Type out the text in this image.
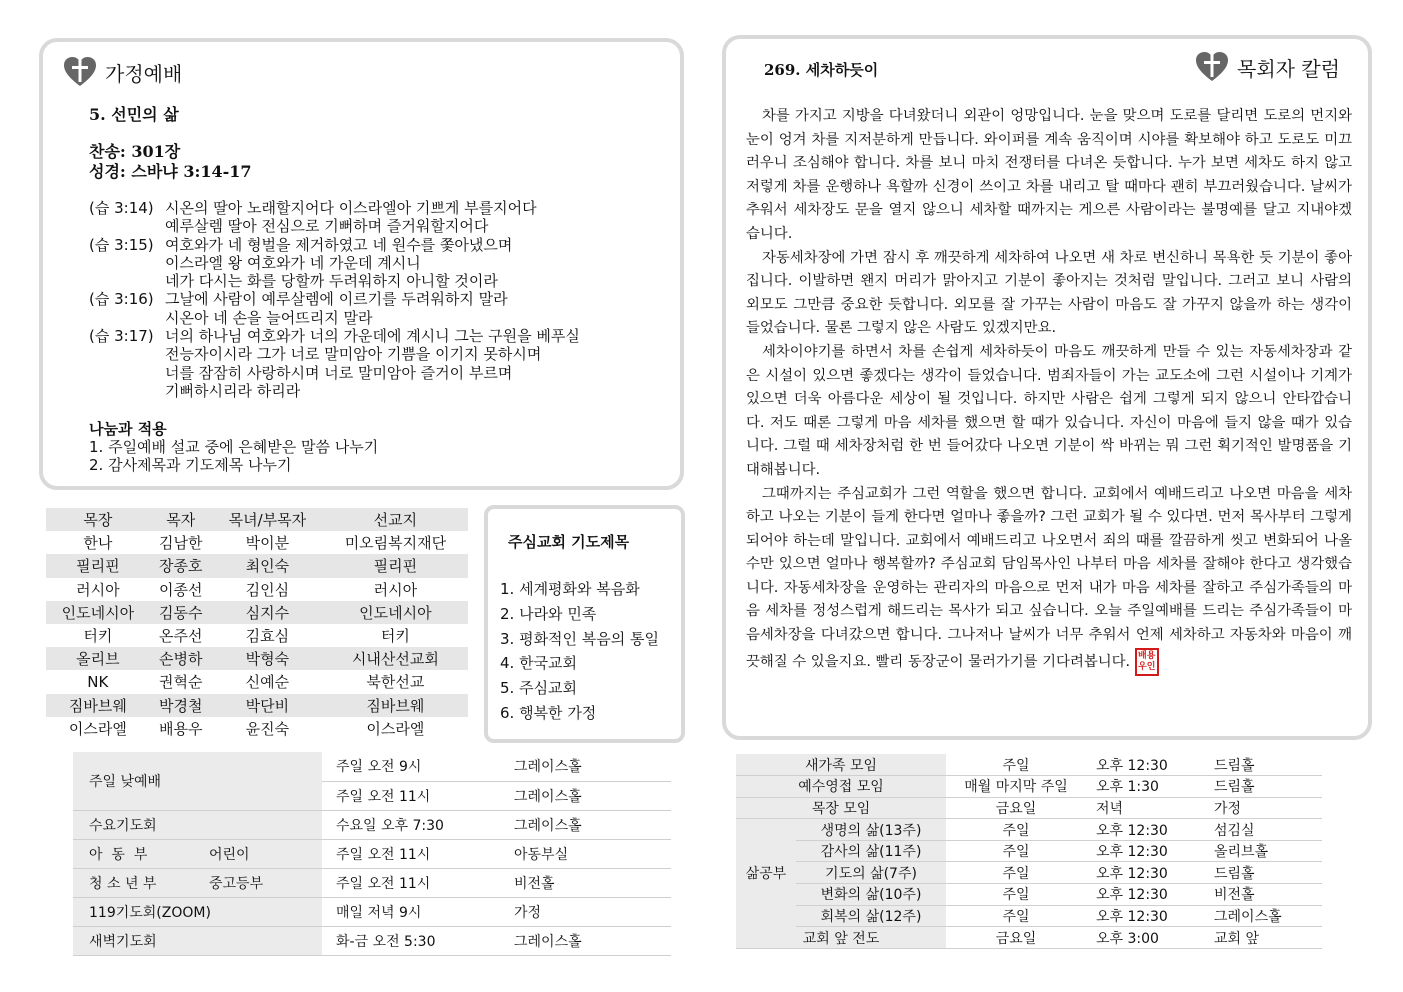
가정예배
5. 선민의 삶
찬송: 301장
성경: 스바냐 3:14-17
(습 3:14) 시온의 딸아 노래할지어다 이스라엘아 기쁘게 부를지어다
예루살렘 딸아 전심으로 기뻐하며 즐거워할지어다
(습 3:15) 여호와가 네 형벌을 제거하였고 네 원수를 쫓아냈으며
이스라엘 왕 여호와가 네 가운데 계시니
네가 다시는 화를 당할까 두려워하지 아니할 것이라
(습 3:16) 그날에 사람이 예루살렘에 이르기를 두려워하지 말라
시온아 네 손을 늘어뜨리지 말라
(습 3:17) 너의 하나님 여호와가 너의 가운데에 계시니 그는 구원을 베푸실
전능자이시라 그가 너로 말미암아 기쁨을 이기지 못하시며
너를 잠잠히 사랑하시며 너로 말미암아 즐거이 부르며
기뻐하시리라 하리라
나눔과 적용
1. 주일예배 설교 중에 은혜받은 말씀 나누기
2. 감사제목과 기도제목 나누기
목장	목자	목녀/부목자	선교지
한나	김남한	박이분	미오림복지재단
필리핀	장종호	최인숙	필리핀
러시아	이종선	김인심	러시아
인도네시아	김동수	심지수	인도네시아
터키	온주선	김효심	터키
올리브	손병하	박형숙	시내산선교회
NK	권혁순	신예순	북한선교
짐바브웨	박경철	박단비	짐바브웨
이스라엘	배용우	윤진숙	이스라엘
주심교회 기도제목
1. 세계평화와 복음화
2. 나라와 민족
3. 평화적인 복음의 통일
4. 한국교회
5. 주심교회
6. 행복한 가정
주일 낮예배	주일 오전 9시	그레이스홀
	주일 오전 11시	그레이스홀
수요기도회	수요일 오후 7:30	그레이스홀
아  동  부 어린이	주일 오전 11시	아동부실
청 소 년 부 중고등부	주일 오전 11시	비전홀
119기도회(ZOOM)	매일 저녁 9시	가정
새벽기도회	화-금 오전 5:30	그레이스홀
269. 세차하듯이	목회자 칼럼

차를 가지고 지방을 다녀왔더니 외관이 엉망입니다. 눈을 맞으며 도로를 달리면 도로의 먼지와 눈이 엉겨 차를 지저분하게 만듭니다. 와이퍼를 계속 움직이며 시야를 확보해야 하고 도로도 미끄러우니 조심해야 합니다. 차를 보니 마치 전쟁터를 다녀온 듯합니다. 누가 보면 세차도 하지 않고 저렇게 차를 운행하나 욕할까 신경이 쓰이고 차를 내리고 탈 때마다 괜히 부끄러웠습니다. 날씨가 추워서 세차장도 문을 열지 않으니 세차할 때까지는 게으른 사람이라는 불명예를 달고 지내야겠습니다.

자동세차장에 가면 잠시 후 깨끗하게 세차하여 나오면 새 차로 변신하니 목욕한 듯 기분이 좋아집니다. 이발하면 왠지 머리가 맑아지고 기분이 좋아지는 것처럼 말입니다. 그러고 보니 사람의 외모도 그만큼 중요한 듯합니다. 외모를 잘 가꾸는 사람이 마음도 잘 가꾸지 않을까 하는 생각이 들었습니다. 물론 그렇지 않은 사람도 있겠지만요.

세차이야기를 하면서 차를 손쉽게 세차하듯이 마음도 깨끗하게 만들 수 있는 자동세차장과 같은 시설이 있으면 좋겠다는 생각이 들었습니다. 범죄자들이 가는 교도소에 그런 시설이나 기계가 있으면 더욱 아름다운 세상이 될 것입니다. 하지만 사람은 쉽게 그렇게 되지 않으니 안타깝습니다. 저도 때론 그렇게 마음 세차를 했으면 할 때가 있습니다. 자신이 마음에 들지 않을 때가 있습니다. 그럴 때 세차장처럼 한 번 들어갔다 나오면 기분이 싹 바뀌는 뭐 그런 획기적인 발명품을 기대해봅니다.

그때까지는 주심교회가 그런 역할을 했으면 합니다. 교회에서 예배드리고 나오면 마음을 세차하고 나오는 기분이 들게 한다면 얼마나 좋을까? 그런 교회가 될 수 있다면. 먼저 목사부터 그렇게 되어야 하는데 말입니다. 교회에서 예배드리고 나오면서 죄의 때를 깔끔하게 씻고 변화되어 나올 수만 있으면 얼마나 행복할까? 주심교회 담임목사인 나부터 마음 세차를 잘해야 한다고 생각했습니다. 자동세차장을 운영하는 관리자의 마음으로 먼저 내가 마음 세차를 잘하고 주심가족들의 마음 세차를 정성스럽게 해드리는 목사가 되고 싶습니다. 오늘 주일예배를 드리는 주심가족들이 마음세차장을 다녀갔으면 합니다. 그나저나 날씨가 너무 추워서 언제 세차하고 자동차와 마음이 깨끗해질 수 있을지요. 빨리 동장군이 물러가기를 기다려봅니다. 배용
우인

새가족 모임		주일	오후 12:30	드림홀
예수영접 모임		매월 마지막 주일	오후 1:30	드림홀
목장 모임		금요일	저녁	가정
삶공부	생명의 삶(13주)	주일	오후 12:30	섬김실
	감사의 삶(11주)	주일	오후 12:30	올리브홀
	기도의 삶(7주)	주일	오후 12:30	드림홀
	변화의 삶(10주)	주일	오후 12:30	비전홀
	회복의 삶(12주)	주일	오후 12:30	그레이스홀
교회 앞 전도		금요일	오후 3:00	교회 앞
